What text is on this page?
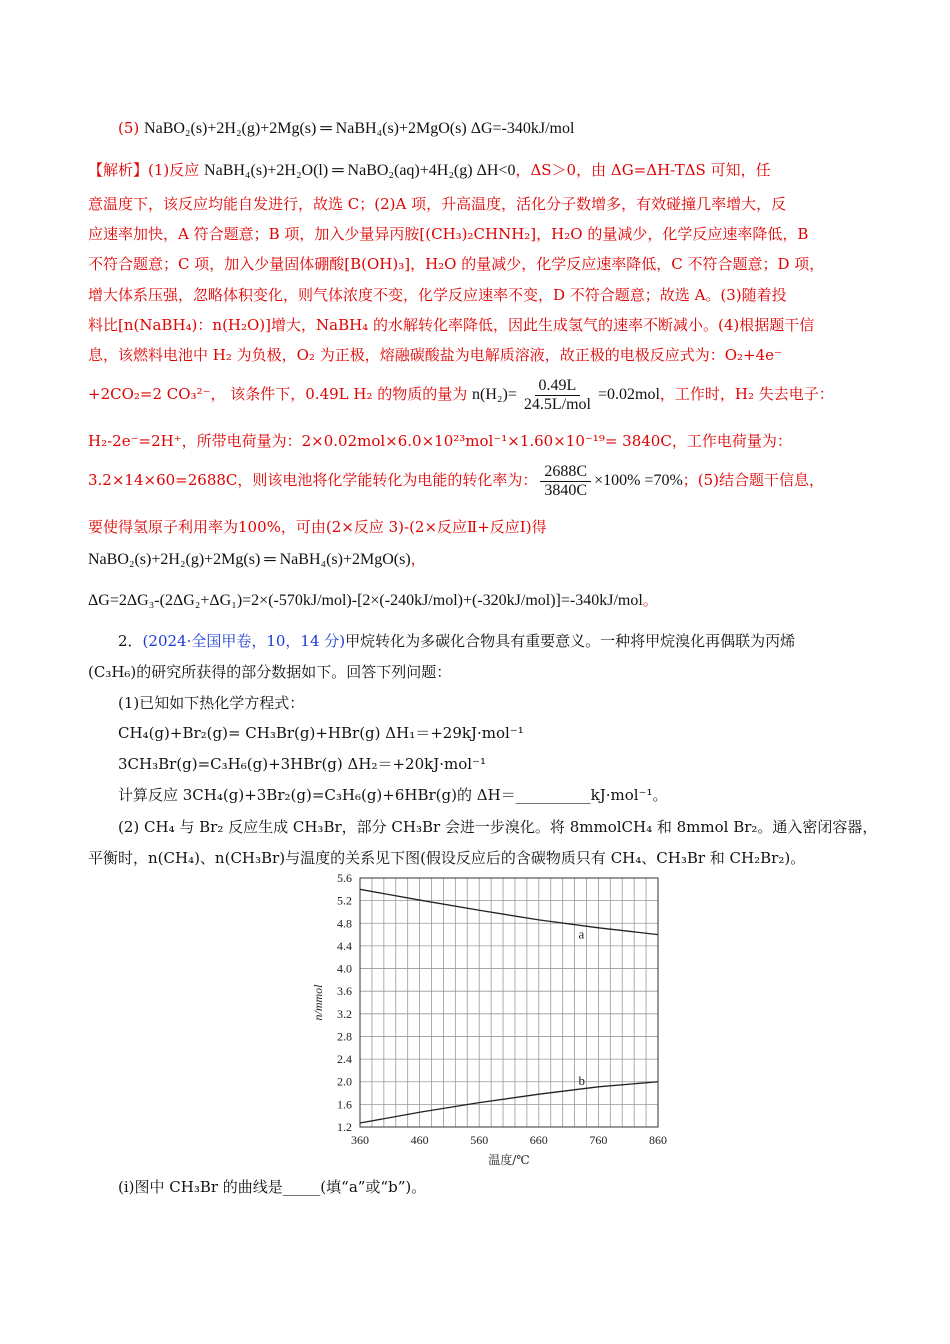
(5) NaBO₂(s)+2H₂(g)+2Mg(s) ═ NaBH₄(s)+2MgO(s) ΔG=-340kJ/mol
【解析】(1)反应 NaBH₄(s)+2H₂O(l) ═ NaBO₂(aq)+4H₂(g) ΔH<0，ΔS＞0，由 ΔG=ΔH-TΔS 可知，任
意温度下，该反应均能自发进行，故选 C；(2)A 项，升高温度，活化分子数增多，有效碰撞几率增大，反
应速率加快，A 符合题意；B 项，加入少量异丙胺[(CH₃)₂CHNH₂]，H₂O 的量减少，化学反应速率降低，B
不符合题意；C 项，加入少量固体硼酸[B(OH)₃]，H₂O 的量减少，化学反应速率降低，C 不符合题意；D 项，
增大体系压强，忽略体积变化，则气体浓度不变，化学反应速率不变，D 不符合题意；故选 A。(3)随着投
料比[n(NaBH₄)：n(H₂O)]增大，NaBH₄ 的水解转化率降低，因此生成氢气的速率不断减小。(4)根据题干信
息，该燃料电池中 H₂ 为负极，O₂ 为正极，熔融碳酸盐为电解质溶液，故正极的电极反应式为：O₂+4e⁻
+2CO₂=2 CO₃²⁻， 该条件下，0.49L H₂ 的物质的量为 $n(H_2)= \frac{0.49L}{\text{24.5L/mol}} =0.02mol$，工作时，H₂ 失去电子：
H₂-2e⁻=2H⁺，所带电荷量为：2×0.02mol×6.0×10²³mol⁻¹×1.60×10⁻¹⁹= 3840C，工作电荷量为：
3.2×14×60=2688C，则该电池将化学能转化为电能的转化率为： $\frac{2688C}{3840C} \times 100\% =70\%$；(5)结合题干信息，
要使得氢原子利用率为100%，可由(2×反应 3)-(2×反应Ⅱ+反应Ⅰ)得
NaBO₂(s)+2H₂(g)+2Mg(s) ═ NaBH₄(s)+2MgO(s)，
ΔG=2ΔG₃-(2ΔG₂+ΔG₁)=2×(-570kJ/mol)-[2×(-240kJ/mol)+(-320kJ/mol)]=-340kJ/mol。
2．(2024·全国甲卷，10，14 分)甲烷转化为多碳化合物具有重要意义。一种将甲烷溴化再偶联为丙烯
(C₃H₆)的研究所获得的部分数据如下。回答下列问题：
(1)已知如下热化学方程式：
CH₄(g)+Br₂(g)= CH₃Br(g)+HBr(g) ΔH₁＝+29kJ·mol⁻¹
3CH₃Br(g)=C₃H₆(g)+3HBr(g) ΔH₂＝+20kJ·mol⁻¹
计算反应 3CH₄(g)+3Br₂(g)=C₃H₆(g)+6HBr(g)的 ΔH＝__________kJ·mol⁻¹。
(2) CH₄ 与 Br₂ 反应生成 CH₃Br，部分 CH₃Br 会进一步溴化。将 8mmolCH₄ 和 8mmol Br₂。通入密闭容器，
平衡时，n(CH₄)、n(CH₃Br)与温度的关系见下图(假设反应后的含碳物质只有 CH₄、CH₃Br 和 CH₂Br₂)。
1.2
1.6
2.0
2.4
2.8
3.2
3.6
4.0
4.4
4.8
5.2
5.6
360	460	560	660	760	860
温度/℃
n/mmol
a
b
(i)图中 CH₃Br 的曲线是_____(填“a”或“b”)。
